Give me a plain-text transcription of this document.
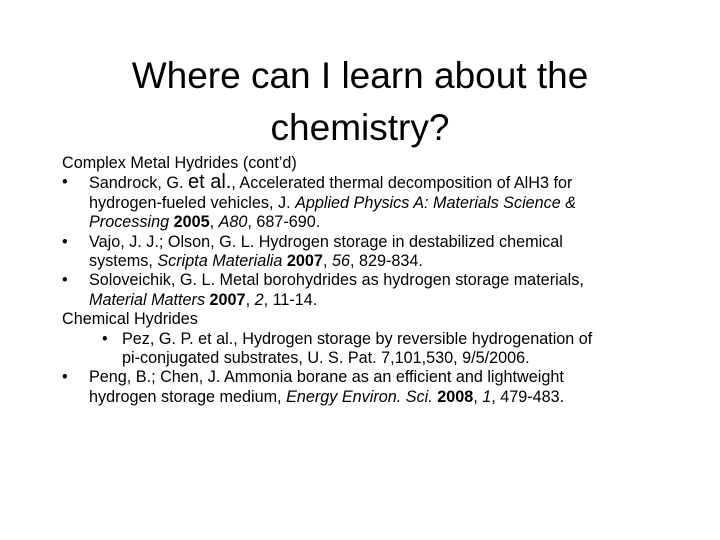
Where can I learn about the
chemistry?
Complex Metal Hydrides (cont’d)
• Sandrock, G. et al., Accelerated thermal decomposition of AlH3 for
hydrogen-fueled vehicles, J. Applied Physics A: Materials Science &
Processing 2005, A80, 687-690.
• Vajo, J. J.; Olson, G. L. Hydrogen storage in destabilized chemical
systems, Scripta Materialia 2007, 56, 829-834.
• Soloveichik, G. L. Metal borohydrides as hydrogen storage materials,
Material Matters 2007, 2, 11-14.
Chemical Hydrides
• Pez, G. P. et al., Hydrogen storage by reversible hydrogenation of
pi-conjugated substrates, U. S. Pat. 7,101,530, 9/5/2006.
• Peng, B.; Chen, J. Ammonia borane as an efficient and lightweight
hydrogen storage medium, Energy Environ. Sci. 2008, 1, 479-483.
